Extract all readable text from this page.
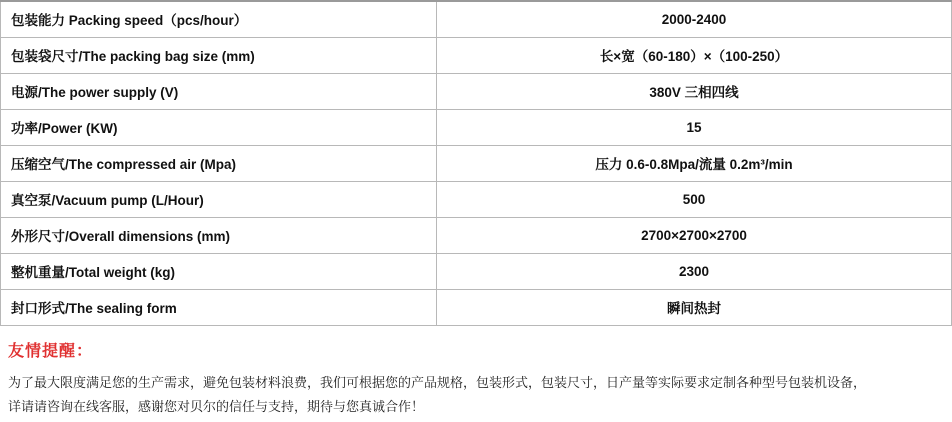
包装能力 Packing speed（pcs/hour）	2000-2400
包装袋尺寸/The packing bag size (mm)	长×宽（60-180）×（100-250）
电源/The power supply (V)	380V 三相四线
功率/Power (KW)	15
压缩空气/The compressed air (Mpa)	压力 0.6-0.8Mpa/流量 0.2m³/min
真空泵/Vacuum pump (L/Hour)	500
外形尺寸/Overall dimensions (mm)	2700×2700×2700
整机重量/Total weight (kg)	2300
封口形式/The sealing form	瞬间热封
友情提醒：

为了最大限度满足您的生产需求，避免包装材料浪费，我们可根据您的产品规格，包装形式，包装尺寸，日产量等实际要求定制各种型号包装机设备，

详请请咨询在线客服，感谢您对贝尔的信任与支持，期待与您真诚合作！
